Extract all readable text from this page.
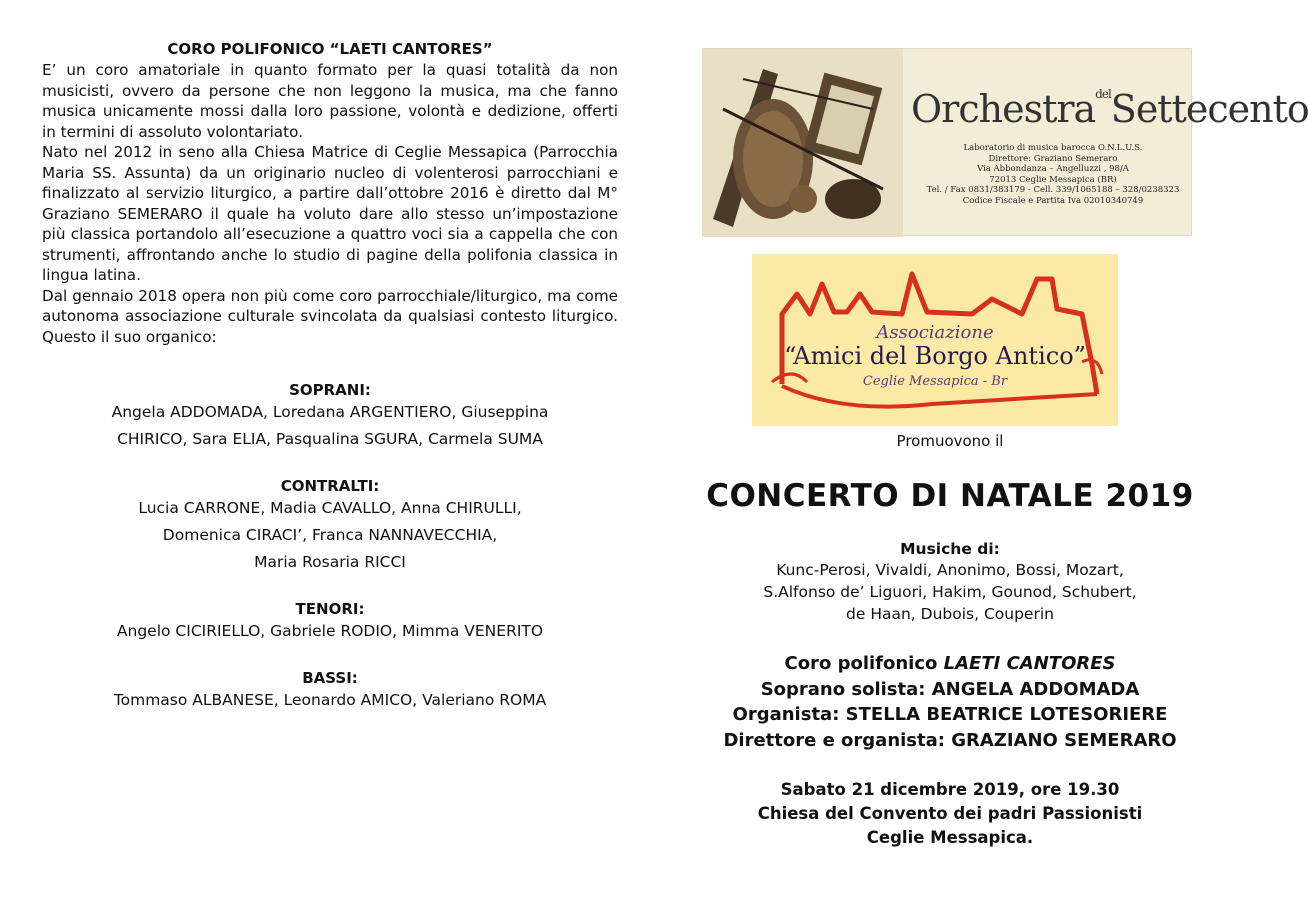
CORO POLIFONICO “LAETI CANTORES”

E’ un coro amatoriale in quanto formato per la quasi totalità da non musicisti, ovvero da persone che non leggono la musica, ma che fanno musica unicamente mossi dalla loro passione, volontà e dedizione, offerti in termini di assoluto volontariato.

Nato nel 2012 in seno alla Chiesa Matrice di Ceglie Messapica (Parrocchia Maria SS. Assunta) da un originario nucleo di volenterosi parrocchiani e finalizzato al servizio liturgico, a partire dall’ottobre 2016 è diretto dal M° Graziano SEMERARO il quale ha voluto dare allo stesso un’impostazione più classica portandolo all’esecuzione a quattro voci sia a cappella che con strumenti, affrontando anche lo studio di pagine della polifonia classica in lingua latina.

Dal gennaio 2018 opera non più come coro parrocchiale/liturgico, ma come autonoma associazione culturale svincolata da qualsiasi contesto liturgico. Questo il suo organico:

SOPRANI:
Angela ADDOMADA, Loredana ARGENTIERO, Giuseppina
CHIRICO, Sara ELIA, Pasqualina SGURA, Carmela SUMA
CONTRALTI:
Lucia CARRONE, Madia CAVALLO, Anna CHIRULLI,
Domenica CIRACI’, Franca NANNAVECCHIA,
Maria Rosaria RICCI
TENORI:
Angelo CICIRIELLO, Gabriele RODIO, Mimma VENERITO
BASSI:
Tommaso ALBANESE, Leonardo AMICO, Valeriano ROMA
Orchestra$^{del}$Settecento
Laboratorio di musica barocca O.N.L.U.S.
Direttore: Graziano Semeraro
Via Abbondanza – Angelluzzi , 98/A
72013 Ceglie Messapica (BR)
Tel. / Fax 0831/383179 - Cell. 339/1065188 – 328/0238323
Codice Fiscale e Partita Iva 02010340749
Associazione
“Amici del Borgo Antico”
Ceglie Messapica - Br
Promuovono il
CONCERTO DI NATALE 2019
Musiche di:
Kunc-Perosi, Vivaldi, Anonimo, Bossi, Mozart,
S.Alfonso de’ Liguori, Hakim, Gounod, Schubert,
de Haan, Dubois, Couperin
Coro polifonico LAETI CANTORES
Soprano solista: ANGELA ADDOMADA
Organista: STELLA BEATRICE LOTESORIERE
Direttore e organista: GRAZIANO SEMERARO
Sabato 21 dicembre 2019, ore 19.30
Chiesa del Convento dei padri Passionisti
Ceglie Messapica.
